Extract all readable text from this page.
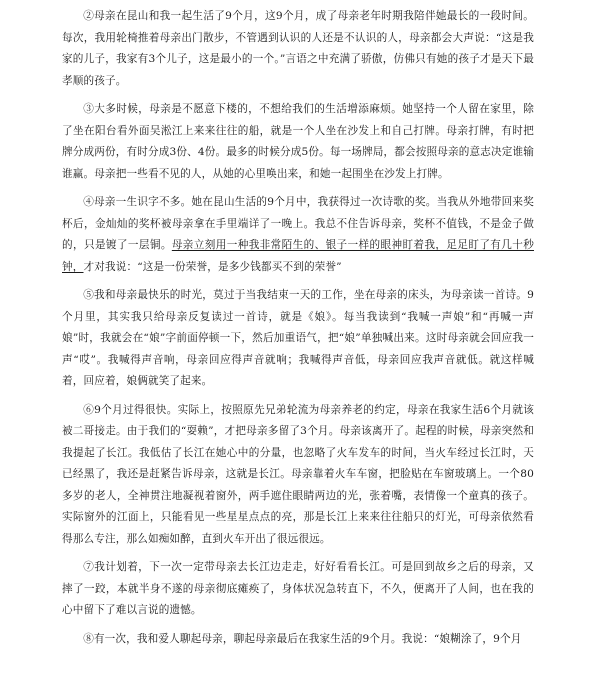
②母亲在昆山和我一起生活了9个月，这9个月，成了母亲老年时期我陪伴她最长的一段时间。每次，我用轮椅推着母亲出门散步，不管遇到认识的人还是不认识的人，母亲都会大声说：“这是我家的儿子，我家有3个儿子，这是最小的一个。”言语之中充满了骄傲，仿佛只有她的孩子才是天下最孝顺的孩子。

③大多时候，母亲是不愿意下楼的，不想给我们的生活增添麻烦。她坚持一个人留在家里，除了坐在阳台看外面吴淞江上来来往往的船，就是一个人坐在沙发上和自己打牌。母亲打牌，有时把牌分成两份，有时分成3份、4份。最多的时候分成5份。每一场牌局，都会按照母亲的意志决定谁输谁赢。母亲把一些看不见的人，从她的心里唤出来，和她一起围坐在沙发上打牌。

④母亲一生识字不多。她在昆山生活的9个月中，我获得过一次诗歌的奖。当我从外地带回来奖杯后，金灿灿的奖杯被母亲拿在手里端详了一晚上。我总不住告诉母亲，奖杯不值钱，不是金子做的，只是镀了一层铜。母亲立刻用一种我非常陌生的、银子一样的眼神盯着我，足足盯了有几十秒钟，才对我说：“这是一份荣誉，是多少钱都买不到的荣誉”

⑤我和母亲最快乐的时光，莫过于当我结束一天的工作，坐在母亲的床头，为母亲读一首诗。9个月里，其实我只给母亲反复读过一首诗，就是《娘》。每当我读到“我喊一声娘”和“再喊一声娘”时，我就会在“娘”字前面停顿一下，然后加重语气，把“娘”单独喊出来。这时母亲就会回应我一声“哎”。我喊得声音响，母亲回应得声音就响；我喊得声音低，母亲回应我声音就低。就这样喊着，回应着，娘俩就笑了起来。

⑥9个月过得很快。实际上，按照原先兄弟轮流为母亲养老的约定，母亲在我家生活6个月就该被二哥接走。由于我们的“耍赖”，才把母亲多留了3个月。母亲该离开了。起程的时候，母亲突然和我提起了长江。我低估了长江在她心中的分量，也忽略了火车发车的时间，当火车经过长江时，天已经黑了，我还是赶紧告诉母亲，这就是长江。母亲靠着火车车窗，把脸贴在车窗玻璃上。一个80多岁的老人，全神贯注地凝视着窗外，两手遮住眼睛两边的光，张着嘴，表情像一个童真的孩子。实际窗外的江面上，只能看见一些星星点点的亮，那是长江上来来往往船只的灯光，可母亲依然看得那么专注，那么如痴如醉，直到火车开出了很远很远。

⑦我计划着，下一次一定带母亲去长江边走走，好好看看长江。可是回到故乡之后的母亲，又摔了一跤，本就半身不遂的母亲彻底瘫痪了，身体状况急转直下，不久，便离开了人间，也在我的心中留下了难以言说的遗憾。

⑧有一次，我和爱人聊起母亲，聊起母亲最后在我家生活的9个月。我说：“娘糊涂了，9个月
